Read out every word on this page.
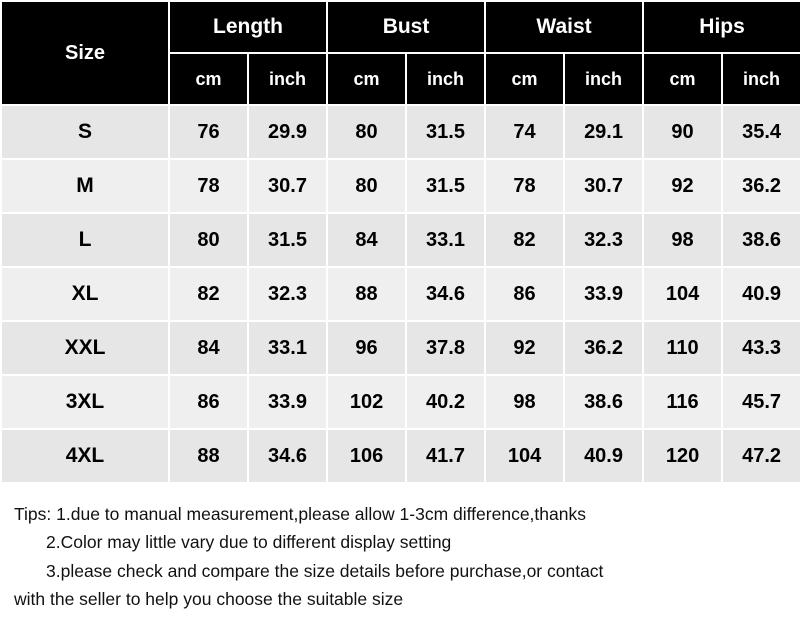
Size	Length		Bust		Waist		Hips	
	cm	inch	cm	inch	cm	inch	cm	inch
S	76	29.9	80	31.5	74	29.1	90	35.4
M	78	30.7	80	31.5	78	30.7	92	36.2
L	80	31.5	84	33.1	82	32.3	98	38.6
XL	82	32.3	88	34.6	86	33.9	104	40.9
XXL	84	33.1	96	37.8	92	36.2	110	43.3
3XL	86	33.9	102	40.2	98	38.6	116	45.7
4XL	88	34.6	106	41.7	104	40.9	120	47.2
Tips: 1.due to manual measurement,please allow 1-3cm difference,thanks
2.Color may little vary due to different display setting
3.please check and compare the size details before purchase,or contact
with the seller to help you choose the suitable size
